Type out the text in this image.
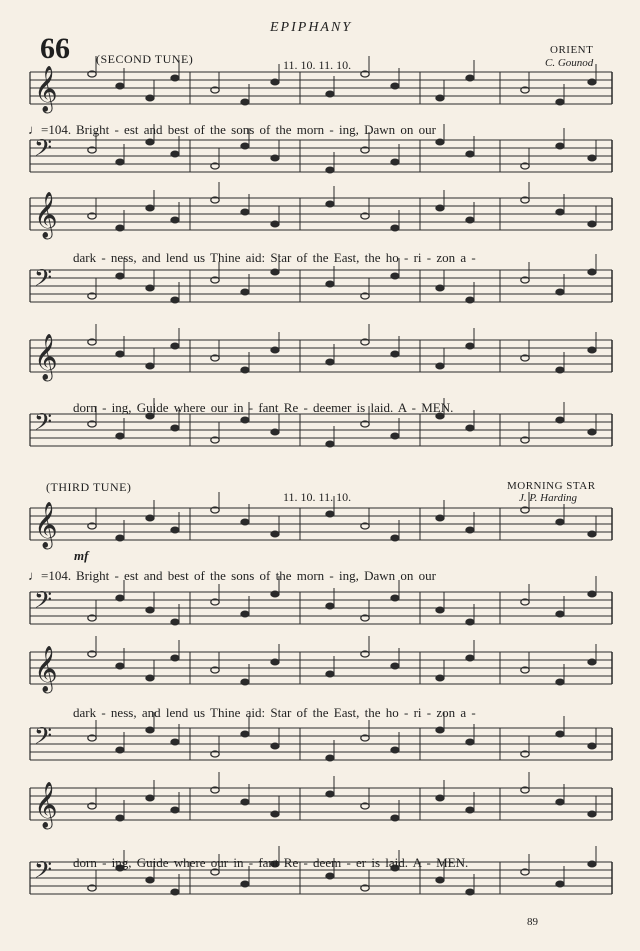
EPIPHANY
66 (SECOND TUNE)	11. 10. 11. 10.
ORIENT
C. Gounod
(THIRD TUNE)
11. 10. 11. 10.
MORNING STAR
J. P. Harding
𝄞
𝄢
𝄞
𝄢
𝄞
𝄢
𝄞
𝄢
𝄞
𝄢
𝄞
𝄢
♩=104. Bright - est and best of the sons of the morn - ing, Dawn on our
dark - ness, and lend us Thine aid: Star of the East, the ho - ri - zon a -
dorn - ing, Guide where our in - fant Re - deemer is laid. A - MEN.
mf
♩=104. Bright - est and best of the sons of the morn - ing, Dawn on our
dark - ness, and lend us Thine aid: Star of the East, the ho - ri - zon a -
dorn - ing, Guide where our in - fant Re - deem - er is laid. A - MEN.
89
